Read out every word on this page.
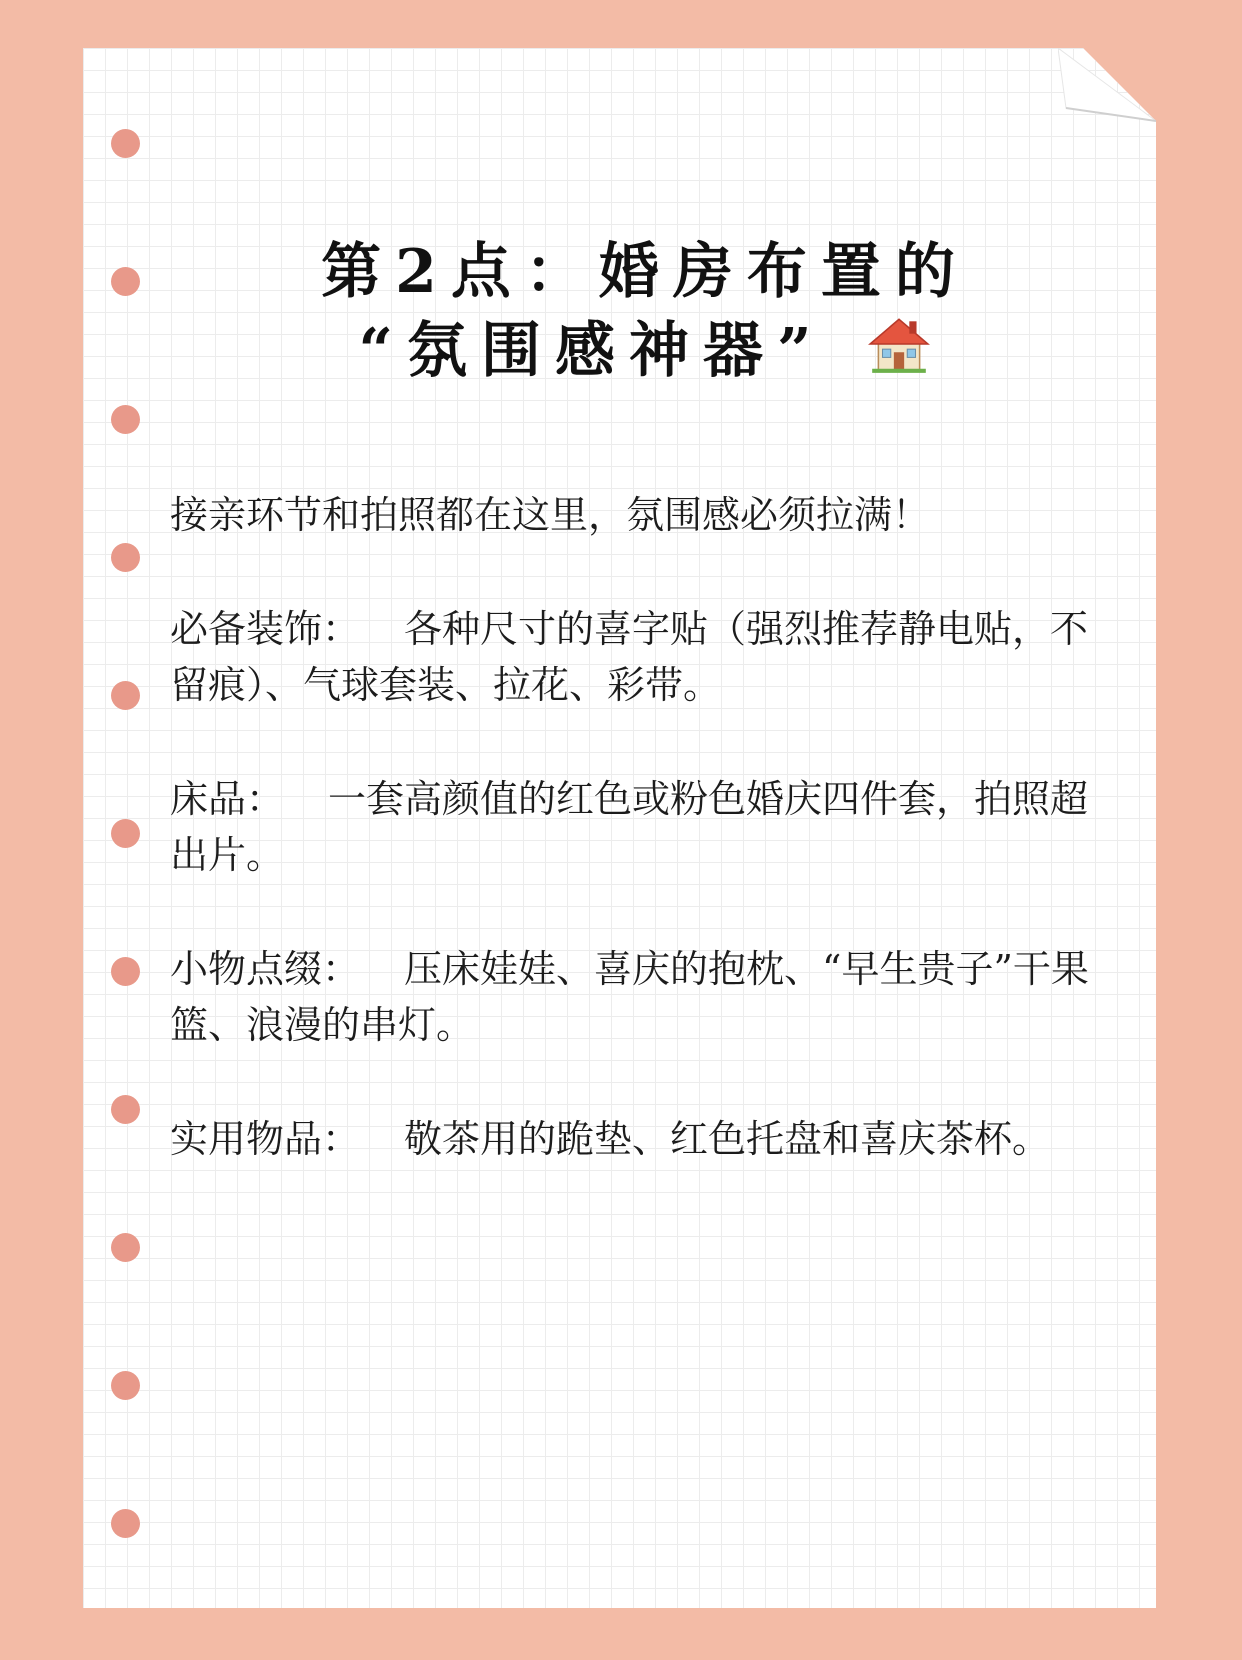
第2点：婚房布置的
“氛围感神器”

接亲环节和拍照都在这里，氛围感必须拉满！

必备装饰： 各种尺寸的喜字贴（强烈推荐静电贴，不留痕）、气球套装、拉花、彩带。

床品： 一套高颜值的红色或粉色婚庆四件套，拍照超出片。

小物点缀： 压床娃娃、喜庆的抱枕、“早生贵子”干果篮、浪漫的串灯。

实用物品： 敬茶用的跪垫、红色托盘和喜庆茶杯。
